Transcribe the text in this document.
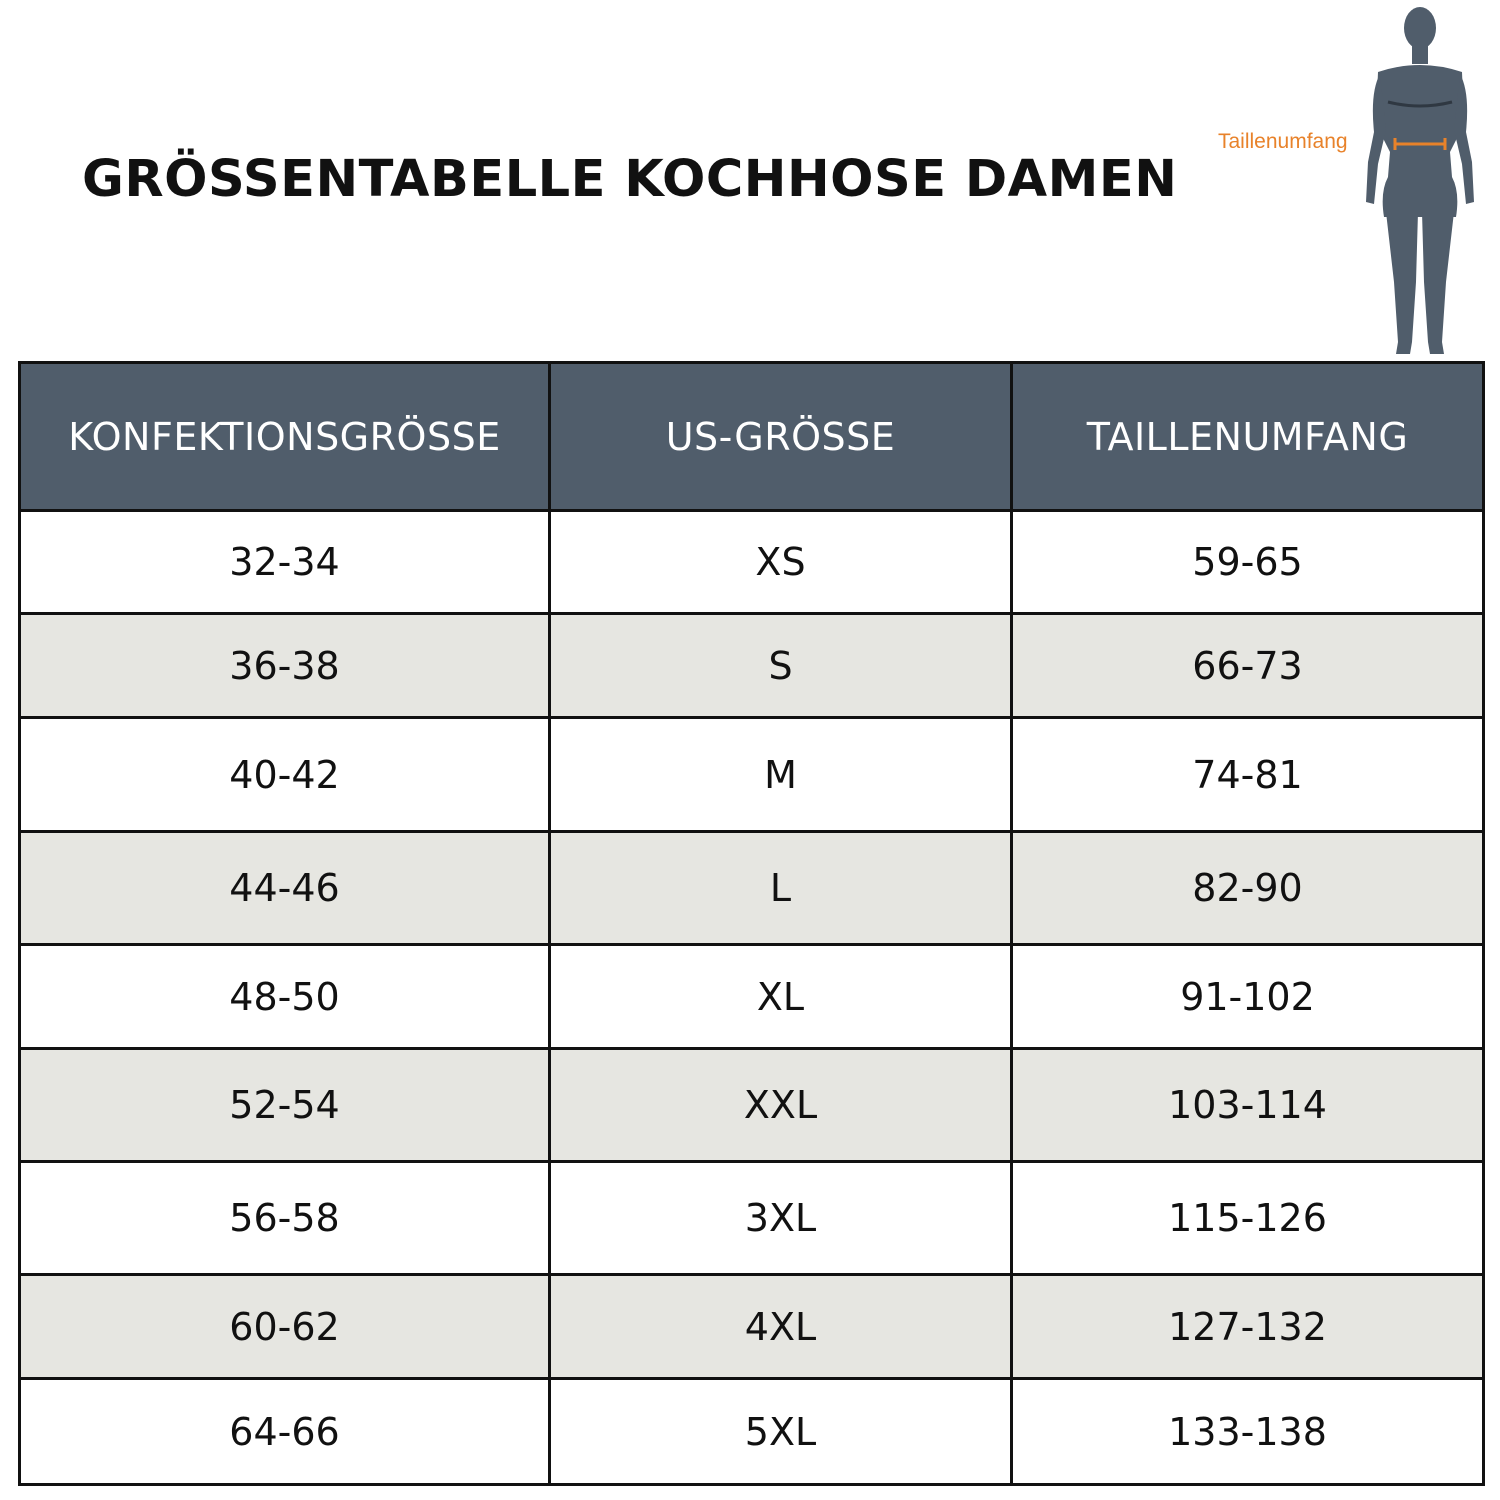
GRÖSSENTABELLE KOCHHOSE DAMEN
Taillenumfang
KONFEKTIONSGRÖSSE	US-GRÖSSE	TAILLENUMFANG
32-34	XS	59-65
36-38	S	66-73
40-42	M	74-81
44-46	L	82-90
48-50	XL	91-102
52-54	XXL	103-114
56-58	3XL	115-126
60-62	4XL	127-132
64-66	5XL	133-138
